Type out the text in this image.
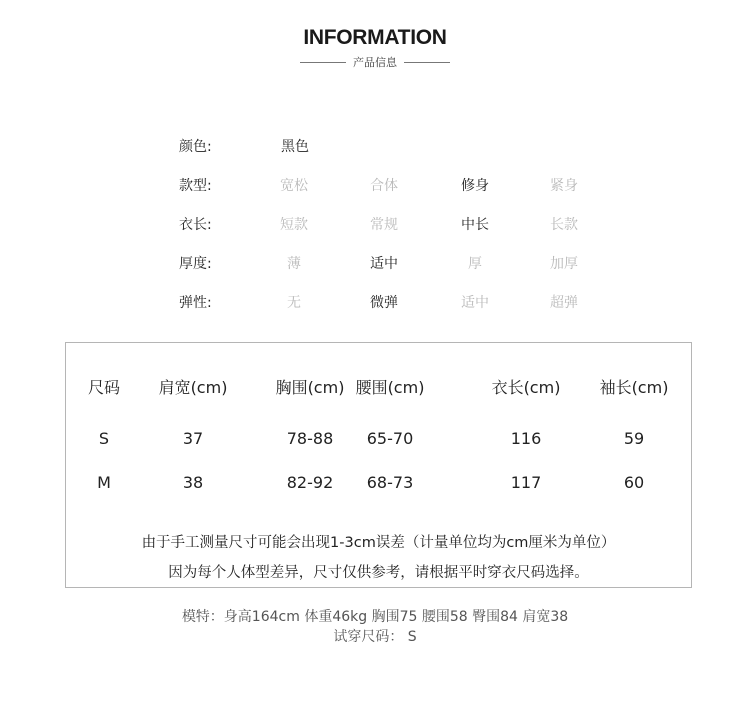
INFORMATION
产品信息
颜色:	黑色
款型:	宽松	合体	修身	紧身
衣长:	短款	常规	中长	长款
厚度:	薄	适中	厚	加厚
弹性:	无	微弹	适中	超弹
尺码 肩宽(cm)	胸围(cm) 腰围(cm)	衣长(cm) 袖长(cm)
S	37	78-88 65-70	116	59
M	38	82-92 68-73	117	60
由于手工测量尺寸可能会出现1-3cm误差（计量单位均为cm厘米为单位）
因为每个人体型差异，尺寸仅供参考，请根据平时穿衣尺码选择。
模特：身高164cm 体重46kg 胸围75 腰围58 臀围84 肩宽38
试穿尺码： S
